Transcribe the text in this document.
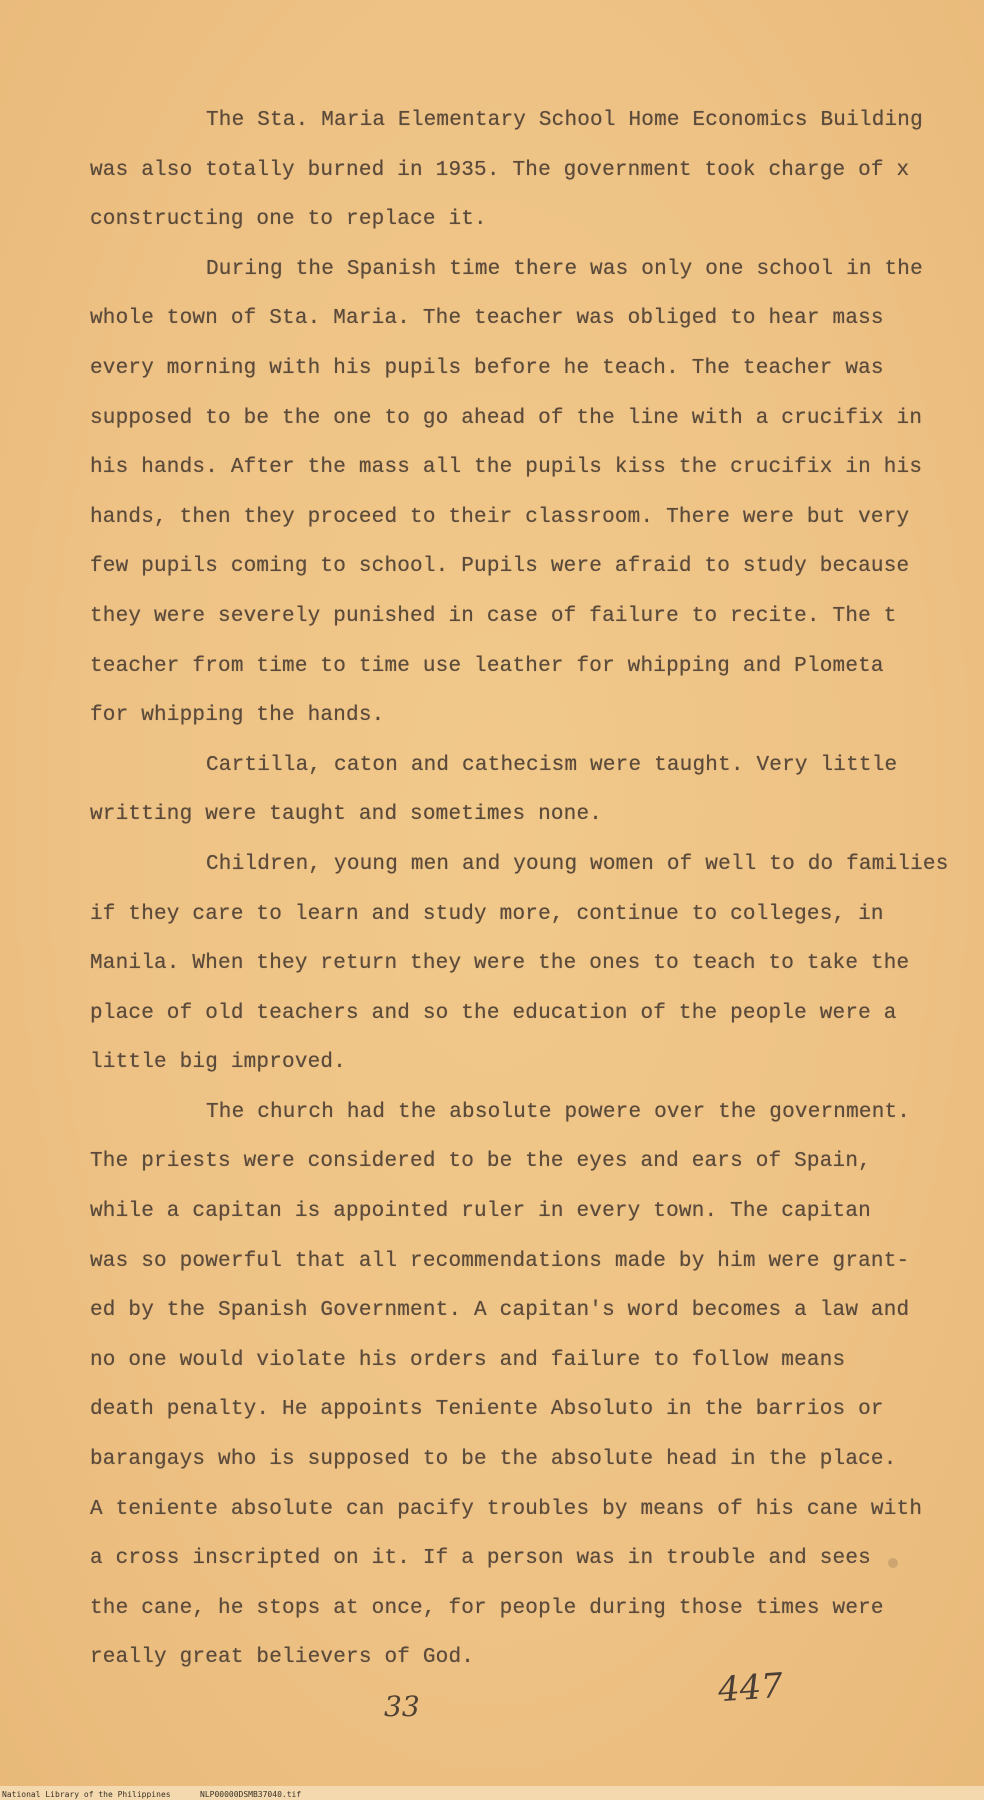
The Sta. Maria Elementary School Home Economics Building
was also totally burned in 1935. The government took charge of x
constructing one to replace it.
During the Spanish time there was only one school in the
whole town of Sta. Maria. The teacher was obliged to hear mass
every morning with his pupils before he teach. The teacher was
supposed to be the one to go ahead of the line with a crucifix in
his hands. After the mass all the pupils kiss the crucifix in his
hands, then they proceed to their classroom. There were but very
few pupils coming to school. Pupils were afraid to study because
they were severely punished in case of failure to recite. The t
teacher from time to time use leather for whipping and Plometa
for whipping the hands.
Cartilla, caton and cathecism were taught. Very little
writting were taught and sometimes none.
Children, young men and young women of well to do families
if they care to learn and study more, continue to colleges, in
Manila. When they return they were the ones to teach to take the
place of old teachers and so the education of the people were a
little big improved.
The church had the absolute powere over the government.
The priests were considered to be the eyes and ears of Spain,
while a capitan is appointed ruler in every town. The capitan
was so powerful that all recommendations made by him were grant-
ed by the Spanish Government. A capitan's word becomes a law and
no one would violate his orders and failure to follow means
death penalty. He appoints Teniente Absoluto in the barrios or
barangays who is supposed to be the absolute head in the place.
A teniente absolute can pacify troubles by means of his cane with
a cross inscripted on it. If a person was in trouble and sees
the cane, he stops at once, for people during those times were
really great believers of God.
33	447
National Library of the Philippines	NLP00000DSMB37040.tif
